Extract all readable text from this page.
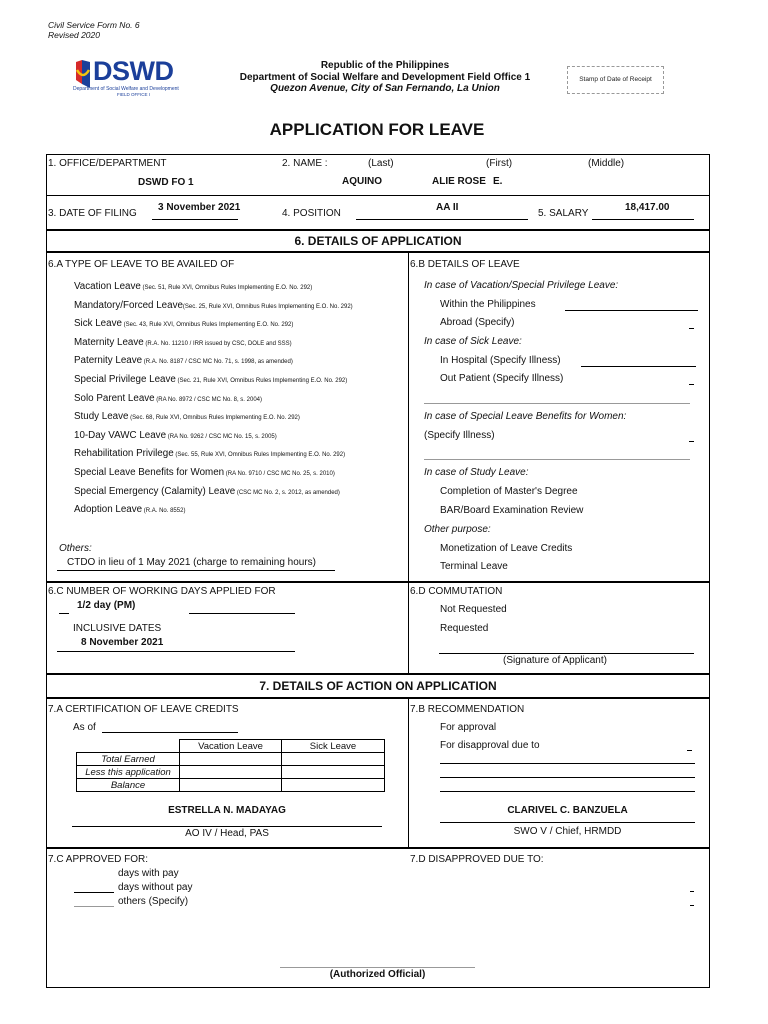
Civil Service Form No. 6
Revised 2020
DSWD
Department of Social Welfare and Development
FIELD OFFICE I
Republic of the Philippines
Department of Social Welfare and Development Field Office 1
Quezon Avenue, City of San Fernando, La Union
Stamp of Date of Receipt
APPLICATION FOR LEAVE
1. OFFICE/DEPARTMENT
DSWD FO 1
2. NAME :	(Last)	(First)	(Middle)
AQUINO	ALIE ROSE E.
3. DATE OF FILING
3 November 2021
4. POSITION
AA II
5. SALARY
18,417.00
6. DETAILS OF APPLICATION
6.A TYPE OF LEAVE TO BE AVAILED OF
Vacation Leave (Sec. 51, Rule XVI, Omnibus Rules Implementing E.O. No. 292)
Mandatory/Forced Leave(Sec. 25, Rule XVI, Omnibus Rules Implementing E.O. No. 292)
Sick Leave (Sec. 43, Rule XVI, Omnibus Rules Implementing E.O. No. 292)
Maternity Leave (R.A. No. 11210 / IRR issued by CSC, DOLE and SSS)
Paternity Leave (R.A. No. 8187 / CSC MC No. 71, s. 1998, as amended)
Special Privilege Leave (Sec. 21, Rule XVI, Omnibus Rules Implementing E.O. No. 292)
Solo Parent Leave (RA No. 8972 / CSC MC No. 8, s. 2004)
Study Leave (Sec. 68, Rule XVI, Omnibus Rules Implementing E.O. No. 292)
10-Day VAWC Leave (RA No. 9262 / CSC MC No. 15, s. 2005)
Rehabilitation Privilege (Sec. 55, Rule XVI, Omnibus Rules Implementing E.O. No. 292)
Special Leave Benefits for Women (RA No. 9710 / CSC MC No. 25, s. 2010)
Special Emergency (Calamity) Leave (CSC MC No. 2, s. 2012, as amended)
Adoption Leave (R.A. No. 8552)
Others:
CTDO in lieu of 1 May 2021 (charge to remaining hours)
6.B DETAILS OF LEAVE
In case of Vacation/Special Privilege Leave:
Within the Philippines
Abroad (Specify)
In case of Sick Leave:
In Hospital (Specify Illness)
Out Patient (Specify Illness)
In case of Special Leave Benefits for Women:
(Specify Illness)
In case of Study Leave:
Completion of Master's Degree
BAR/Board Examination Review
Other purpose:
Monetization of Leave Credits
Terminal Leave
6.C NUMBER OF WORKING DAYS APPLIED FOR
1/2 day (PM)
INCLUSIVE DATES
8 November 2021
6.D COMMUTATION
Not Requested
Requested
(Signature of Applicant)
7. DETAILS OF ACTION ON APPLICATION
7.A CERTIFICATION OF LEAVE CREDITS
As of
	Vacation Leave	Sick Leave
Total Earned		
Less this application		
Balance		
ESTRELLA N. MADAYAG
AO IV / Head, PAS
7.B RECOMMENDATION
For approval
For disapproval due to
CLARIVEL C. BANZUELA
SWO V / Chief, HRMDD
7.C APPROVED FOR:
days with pay
days without pay
others (Specify)
7.D DISAPPROVED DUE TO:
(Authorized Official)
